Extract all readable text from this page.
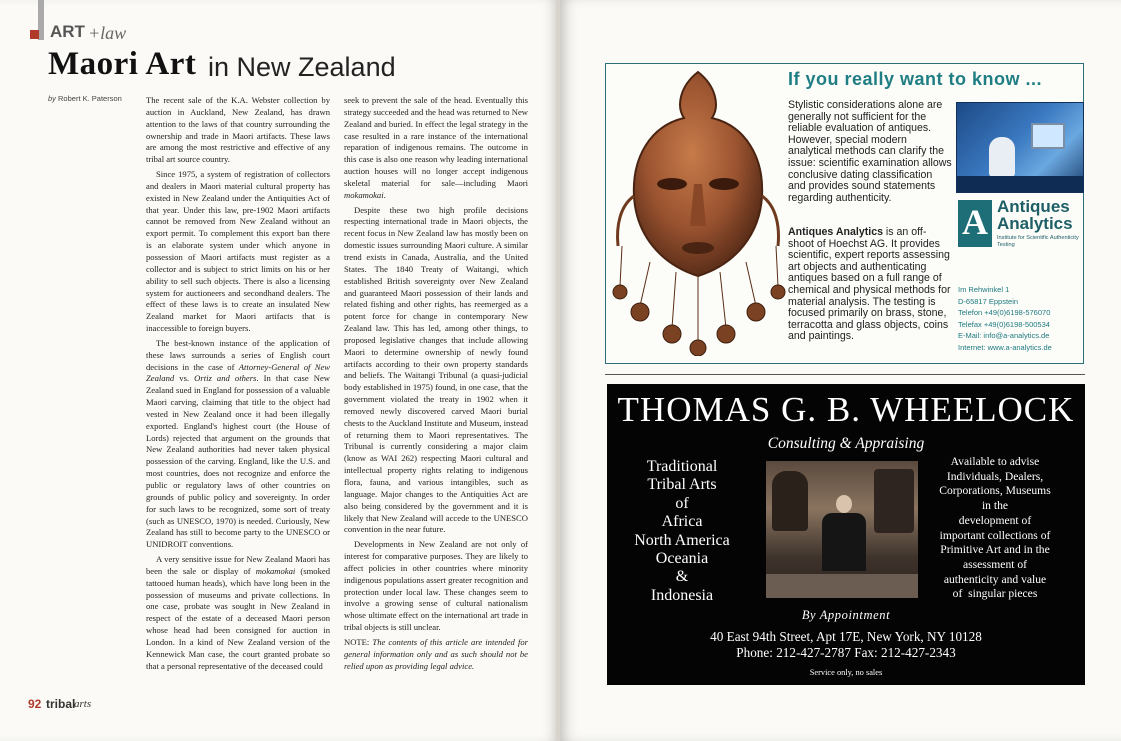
ART +law
Maori Art in New Zealand
by Robert K. Paterson	The recent sale of the K.A. Webster collection by auction in Auckland, New Zealand, has drawn attention to the laws of that country surrounding the ownership and trade in Maori artifacts. These laws are among the most restrictive and effective of any tribal art source country.

Since 1975, a system of registration of collectors and dealers in Maori material cultural property has existed in New Zealand under the Antiquities Act of that year. Under this law, pre-1902 Maori artifacts cannot be removed from New Zealand without an export permit. To complement this export ban there is an elaborate system under which anyone in possession of Maori artifacts must register as a collector and is subject to strict limits on his or her ability to sell such objects. There is also a licensing system for auctioneers and secondhand dealers. The effect of these laws is to create an insulated New Zealand market for Maori artifacts that is inaccessible to foreign buyers.

The best-known instance of the application of these laws surrounds a series of English court decisions in the case of Attorney-General of New Zealand vs. Ortiz and others. In that case New Zealand sued in England for possession of a valuable Maori carving, claiming that title to the object had vested in New Zealand once it had been illegally exported. England's highest court (the House of Lords) rejected that argument on the grounds that New Zealand authorities had never taken physical possession of the carving. England, like the U.S. and most countries, does not recognize and enforce the public or regulatory laws of other countries on grounds of public policy and sovereignty. In order for such laws to be recognized, some sort of treaty (such as UNESCO, 1970) is needed. Curiously, New Zealand has still to become party to the UNESCO or UNIDROIT conventions.

A very sensitive issue for New Zealand Maori has been the sale or display of mokamokai (smoked tattooed human heads), which have long been in the possession of museums and private collections. In one case, probate was sought in New Zealand in respect of the estate of a deceased Maori person whose head had been consigned for auction in London. In a kind of New Zealand version of the Kennewick Man case, the court granted probate so that a personal representative of the deceased could

seek to prevent the sale of the head. Eventually this strategy succeeded and the head was returned to New Zealand and buried. In effect the legal strategy in the case resulted in a rare instance of the international reparation of indigenous remains. The outcome in this case is also one reason why leading international auction houses will no longer accept indigenous skeletal material for sale—including Maori mokamokai.

Despite these two high profile decisions respecting international trade in Maori objects, the recent focus in New Zealand law has mostly been on domestic issues surrounding Maori culture. A similar trend exists in Canada, Australia, and the United States. The 1840 Treaty of Waitangi, which established British sovereignty over New Zealand and guaranteed Maori possession of their lands and related fishing and other rights, has reemerged as a potent force for change in contemporary New Zealand law. This has led, among other things, to proposed legislative changes that include allowing Maori to determine ownership of newly found artifacts according to their own property standards and beliefs. The Waitangi Tribunal (a quasi-judicial body established in 1975) found, in one case, that the government violated the treaty in 1902 when it removed newly discovered carved Maori burial chests to the Auckland Institute and Museum, instead of returning them to Maori representatives. The Tribunal is currently considering a major claim (know as WAI 262) respecting Maori cultural and intellectual property rights relating to indigenous flora, fauna, and various intangibles, such as language. Major changes to the Antiquities Act are also being considered by the government and it is likely that New Zealand will accede to the UNESCO convention in the near future.

Developments in New Zealand are not only of interest for comparative purposes. They are likely to affect policies in other countries where minority indigenous populations assert greater recognition and protection under local law. These changes seem to involve a growing sense of cultural nationalism whose ultimate effect on the international art trade in tribal objects is still unclear.

NOTE: The contents of this article are intended for general information only and as such should not be relied upon as providing legal advice.

92 tribal
arts
If you really want to know ...
Stylistic considerations alone are generally not sufficient for the reliable evaluation of antiques. However, special modern analytical methods can clarify the issue: scientific examination allows conclusive dating classification and provides sound statements regarding authenticity.
Antiques Analytics is an off-shoot of Hoechst AG. It provides scientific, expert reports assessing art objects and authenticating antiques based on a full range of chemical and physical methods for material analysis. The testing is focused primarily on brass, stone, terracotta and glass objects, coins and paintings.
A Antiques
Analytics
Institute for Scientific Authenticity Testing
Im Rehwinkel 1
D-65817 Eppstein
Telefon +49(0)6198-576070
Telefax +49(0)6198-500534
E-Mail: info@a-analytics.de
Internet: www.a-analytics.de
THOMAS G. B. WHEELOCK
Consulting & Appraising
Traditional
Tribal Arts
of
Africa
North America
Oceania
&
Indonesia
Available to advise
Individuals, Dealers,
Corporations, Museums
in the
development of
important collections of
Primitive Art and in the
assessment of
authenticity and value
of  singular pieces
By Appointment
40 East 94th Street, Apt 17E, New York, NY 10128
Phone: 212-427-2787 Fax: 212-427-2343
Service only, no sales
